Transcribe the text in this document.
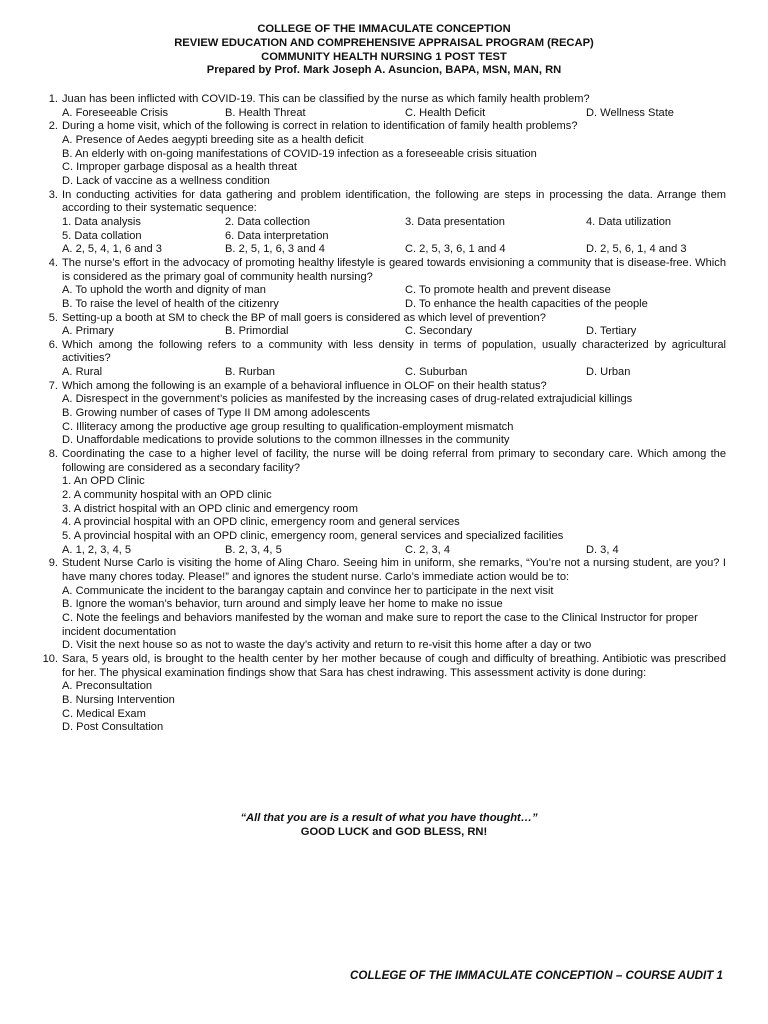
COLLEGE OF THE IMMACULATE CONCEPTION
REVIEW EDUCATION AND COMPREHENSIVE APPRAISAL PROGRAM (RECAP)
COMMUNITY HEALTH NURSING 1 POST TEST
Prepared by Prof. Mark Joseph A. Asuncion, BAPA, MSN, MAN, RN
1. Juan has been inflicted with COVID-19. This can be classified by the nurse as which family health problem?
A. Foreseeable Crisis	B. Health Threat	C. Health Deficit	D. Wellness State
2. During a home visit, which of the following is correct in relation to identification of family health problems?
A. Presence of Aedes aegypti breeding site as a health deficit
B. An elderly with on-going manifestations of COVID-19 infection as a foreseeable crisis situation
C. Improper garbage disposal as a health threat
D. Lack of vaccine as a wellness condition
3. In conducting activities for data gathering and problem identification, the following are steps in processing the data. Arrange them according to their systematic sequence:
1. Data analysis	2. Data collection	3. Data presentation	4. Data utilization
5. Data collation	6. Data interpretation
A. 2, 5, 4, 1, 6 and 3	B. 2, 5, 1, 6, 3 and 4	C. 2, 5, 3, 6, 1 and 4	D. 2, 5, 6, 1, 4 and 3
4. The nurse’s effort in the advocacy of promoting healthy lifestyle is geared towards envisioning a community that is disease-free. Which is considered as the primary goal of community health nursing?
A. To uphold the worth and dignity of man	C. To promote health and prevent disease
B. To raise the level of health of the citizenry	D. To enhance the health capacities of the people
5. Setting-up a booth at SM to check the BP of mall goers is considered as which level of prevention?
A. Primary	B. Primordial	C. Secondary	D. Tertiary
6. Which among the following refers to a community with less density in terms of population, usually characterized by agricultural activities?
A. Rural	B. Rurban	C. Suburban	D. Urban
7. Which among the following is an example of a behavioral influence in OLOF on their health status?
A. Disrespect in the government’s policies as manifested by the increasing cases of drug-related extrajudicial killings
B. Growing number of cases of Type II DM among adolescents
C. Illiteracy among the productive age group resulting to qualification-employment mismatch
D. Unaffordable medications to provide solutions to the common illnesses in the community
8. Coordinating the case to a higher level of facility, the nurse will be doing referral from primary to secondary care. Which among the following are considered as a secondary facility?
1. An OPD Clinic
2. A community hospital with an OPD clinic
3. A district hospital with an OPD clinic and emergency room
4. A provincial hospital with an OPD clinic, emergency room and general services
5. A provincial hospital with an OPD clinic, emergency room, general services and specialized facilities
A. 1, 2, 3, 4, 5	B. 2, 3, 4, 5	C. 2, 3, 4	D. 3, 4
9. Student Nurse Carlo is visiting the home of Aling Charo. Seeing him in uniform, she remarks, “You’re not a nursing student, are you? I have many chores today. Please!” and ignores the student nurse. Carlo’s immediate action would be to:
A. Communicate the incident to the barangay captain and convince her to participate in the next visit
B. Ignore the woman’s behavior, turn around and simply leave her home to make no issue
C. Note the feelings and behaviors manifested by the woman and make sure to report the case to the Clinical Instructor for proper incident documentation
D. Visit the next house so as not to waste the day’s activity and return to re-visit this home after a day or two
10. Sara, 5 years old, is brought to the health center by her mother because of cough and difficulty of breathing. Antibiotic was prescribed for her. The physical examination findings show that Sara has chest indrawing. This assessment activity is done during:
A. Preconsultation
B. Nursing Intervention
C. Medical Exam
D. Post Consultation
“All that you are is a result of what you have thought…”
GOOD LUCK and GOD BLESS, RN!
COLLEGE OF THE IMMACULATE CONCEPTION – COURSE AUDIT 1
